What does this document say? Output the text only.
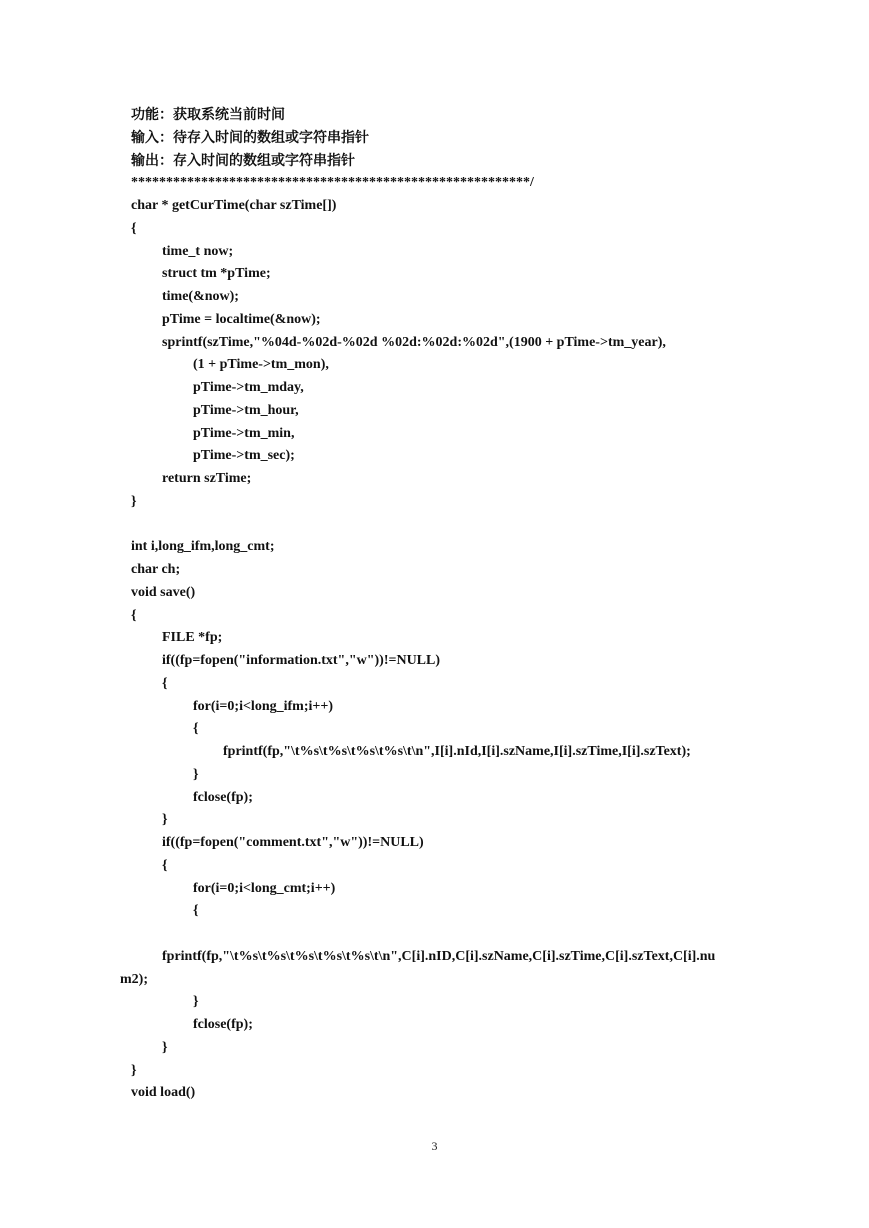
功能：获取系统当前时间
输入：待存入时间的数组或字符串指针
输出：存入时间的数组或字符串指针
*********************************************************/
char * getCurTime(char szTime[])
{
time_t now;
struct tm *pTime;
time(&now);
pTime = localtime(&now);
sprintf(szTime,"%04d-%02d-%02d %02d:%02d:%02d",(1900 + pTime->tm_year),
(1 + pTime->tm_mon),
pTime->tm_mday,
pTime->tm_hour,
pTime->tm_min,
pTime->tm_sec);
return szTime;
}
int i,long_ifm,long_cmt;
char ch;
void save()
{
FILE *fp;
if((fp=fopen("information.txt","w"))!=NULL)
{
for(i=0;i<long_ifm;i++)
{
fprintf(fp,"\t%s\t%s\t%s\t%s\t\n",I[i].nId,I[i].szName,I[i].szTime,I[i].szText);
}
fclose(fp);
}
if((fp=fopen("comment.txt","w"))!=NULL)
{
for(i=0;i<long_cmt;i++)
{
fprintf(fp,"\t%s\t%s\t%s\t%s\t%s\t\n",C[i].nID,C[i].szName,C[i].szTime,C[i].szText,C[i].nu
m2);
}
fclose(fp);
}
}
void load()
3
